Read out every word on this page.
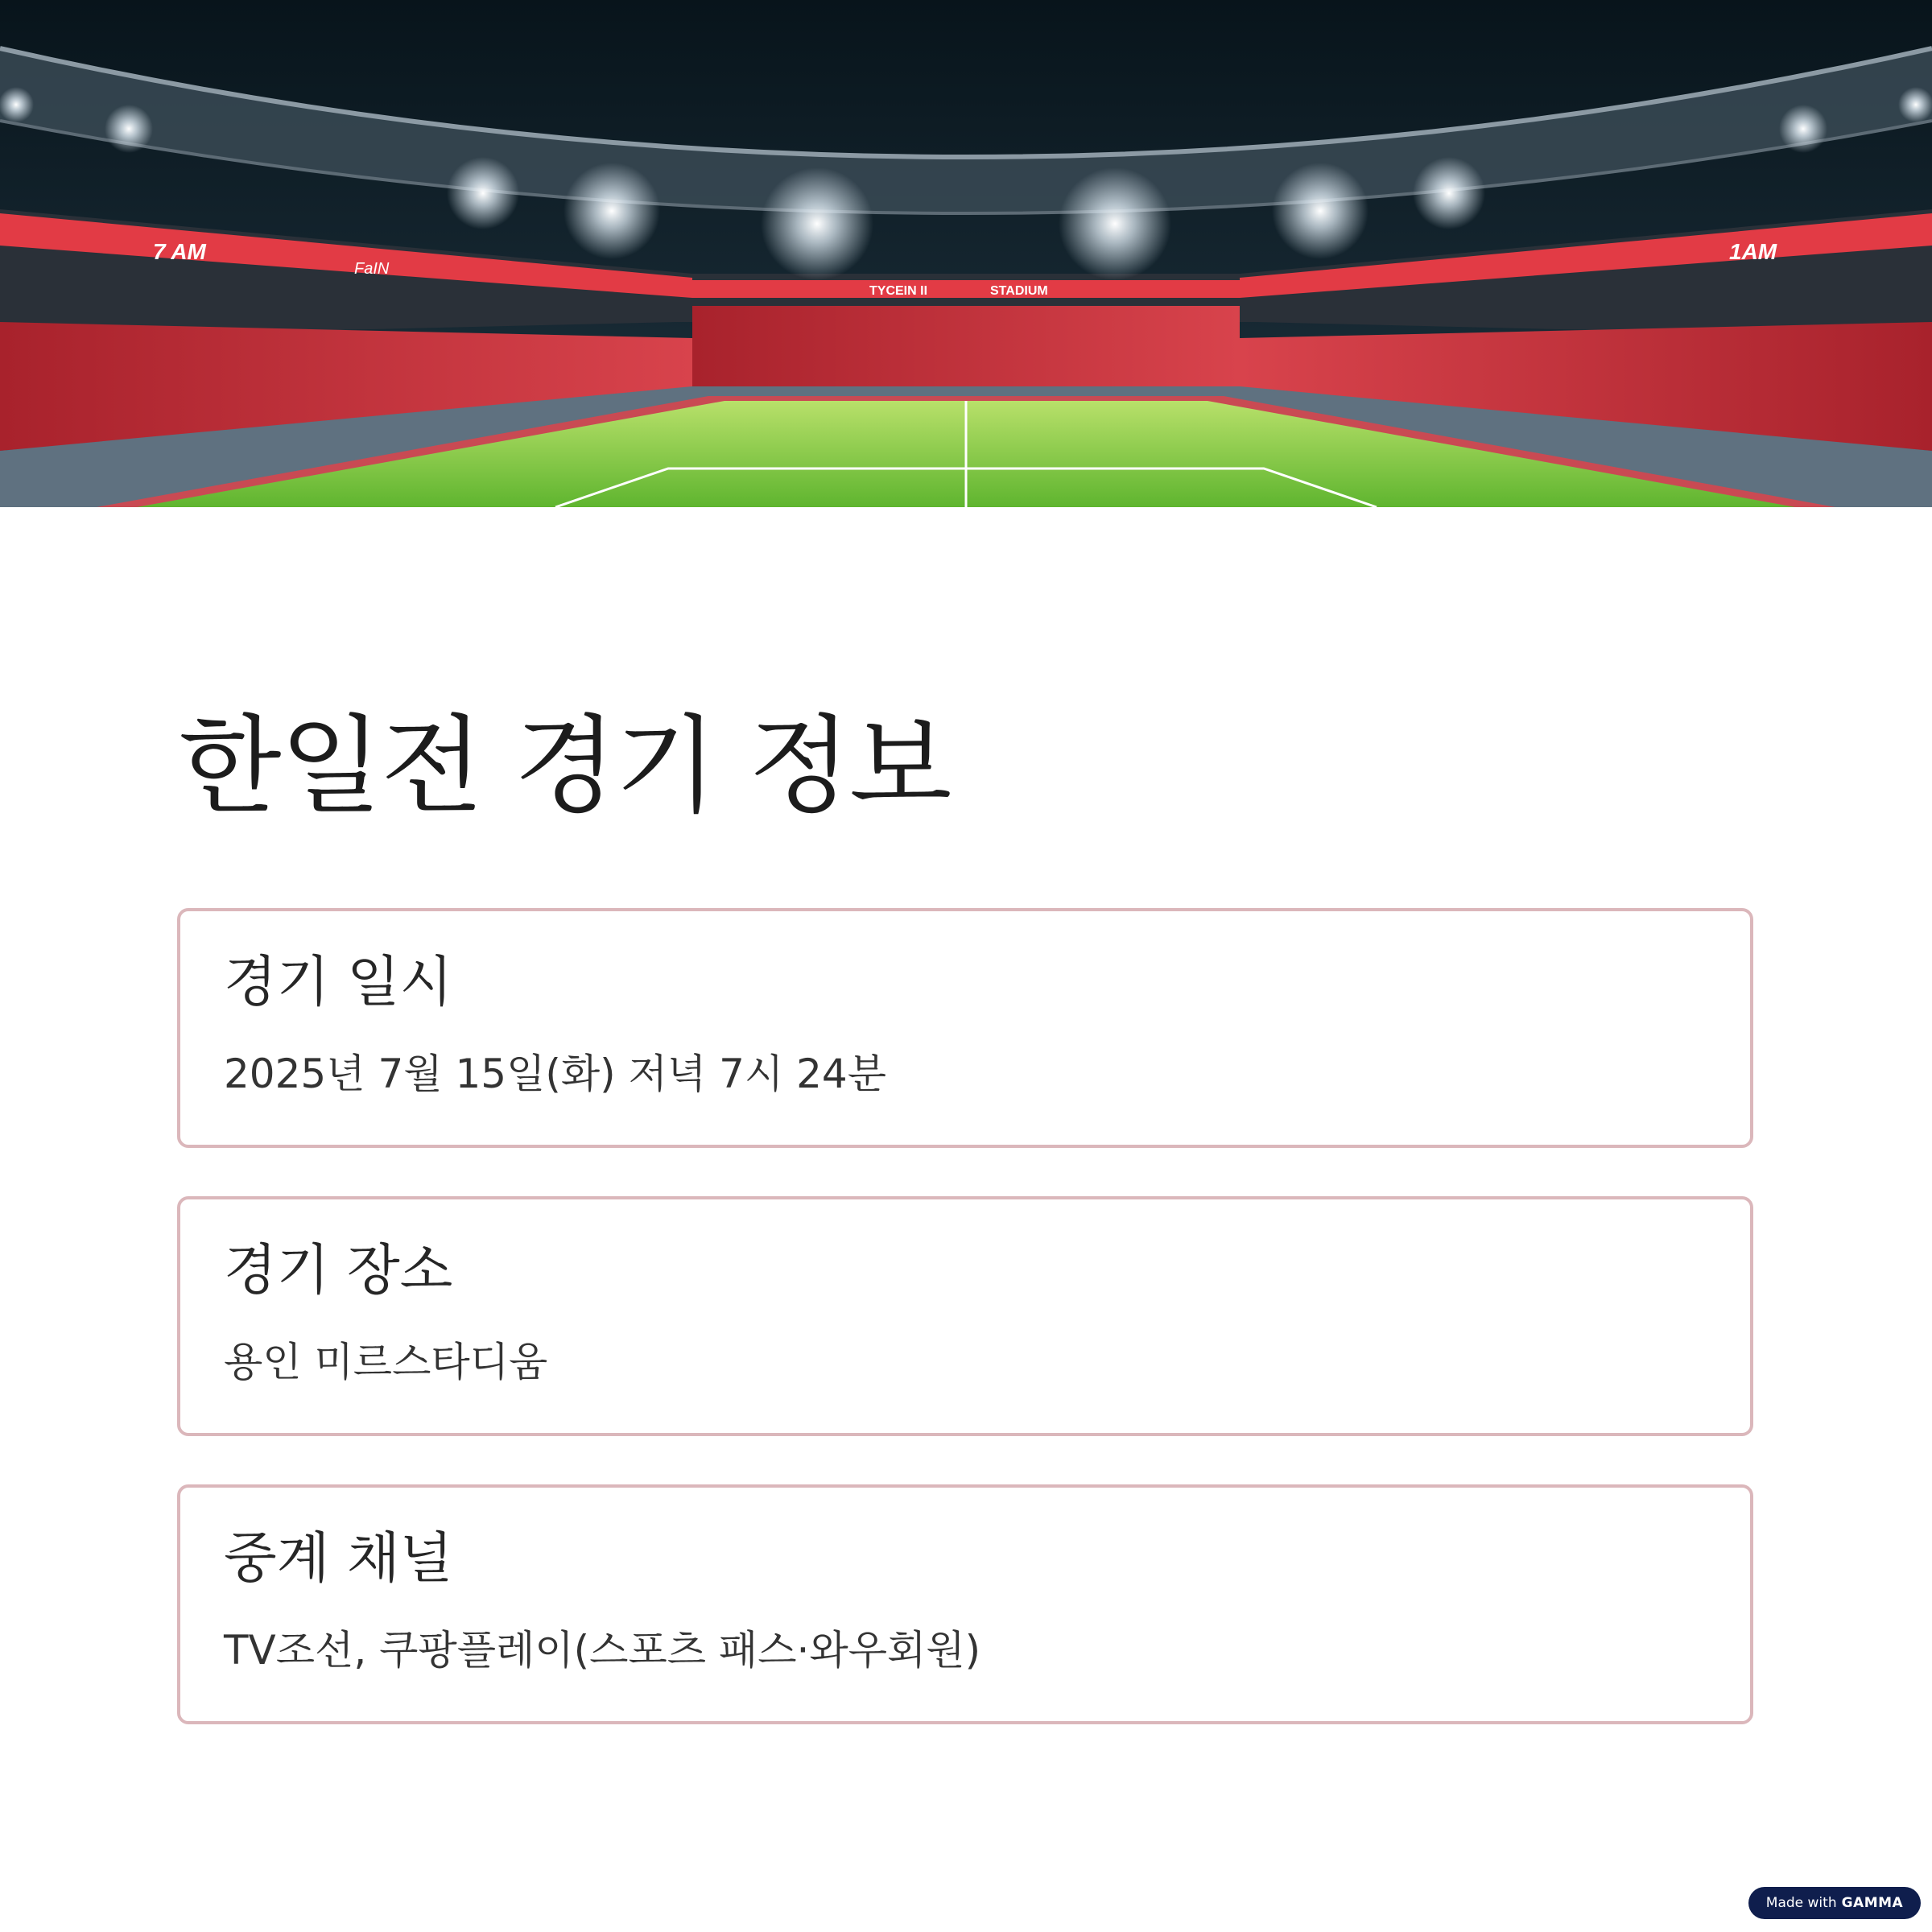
7 AM
FaIN
TYCEIN II	STADIUM
1AM
한일전 경기 정보
경기 일시

2025년 7월 15일(화) 저녁 7시 24분

경기 장소

용인 미르스타디움

중계 채널

TV조선, 쿠팡플레이(스포츠 패스·와우회원)

Made with GAMMA
